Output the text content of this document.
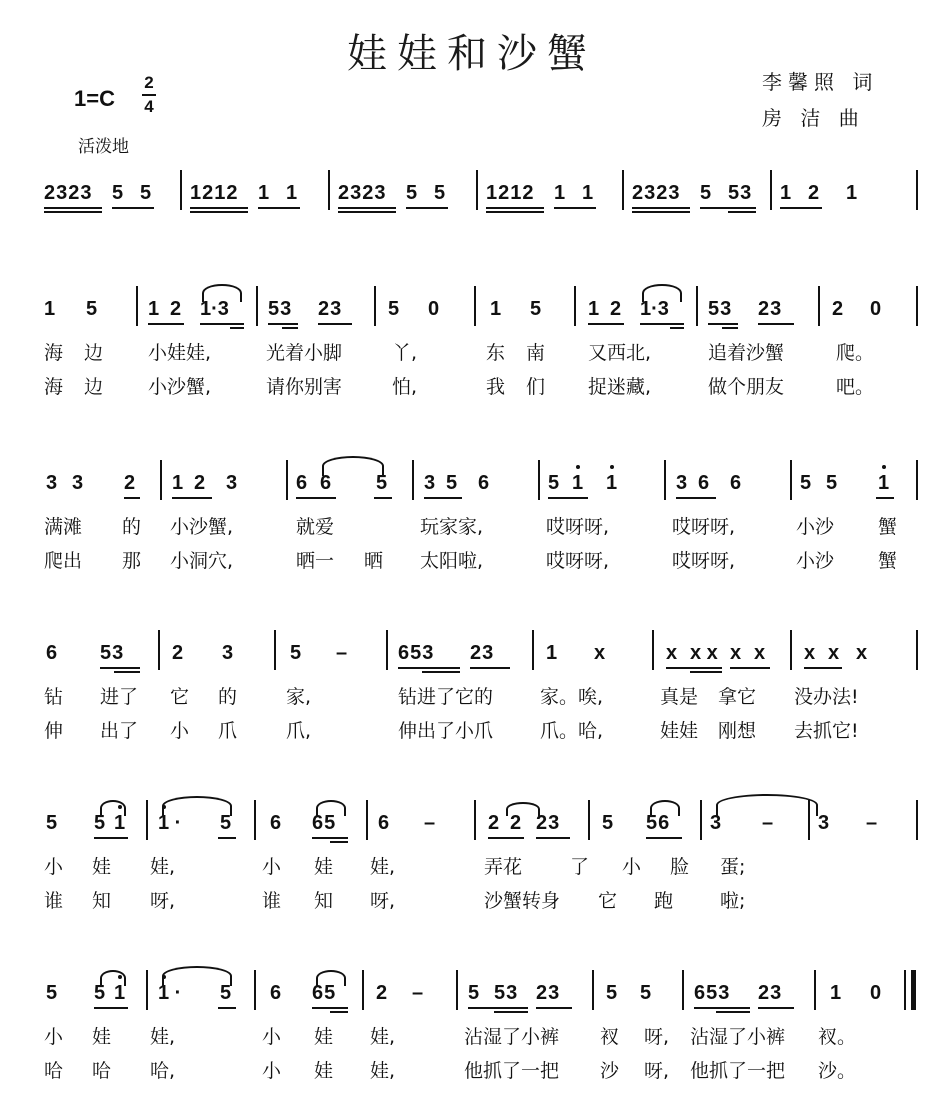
娃娃和沙蟹
1=C
2
4
活泼地
李馨照 词
房 洁 曲
2323 5 5 1212 1 1 2323 5 5 1212 1 1 2323 5 53 1 2 1
1 5	1 2 1·3 53 23 5 0	1 5 1 2 1·3 53 23 2 0
海 边 小娃娃,	光着小脚	丫,	东 南 又西北,	追着沙蟹	爬。
海 边 小沙蟹,	请你别害	怕,	我 们 捉迷藏,	做个朋友	吧。
3 3 2 1 2 3	6 6 5 3 5 6	5 1 1	3 6 6	5 5 1
满滩 的 小沙蟹,	就爱	玩家家,	哎呀呀,	哎呀呀,	小沙 蟹
爬出 那 小洞穴,	晒一 晒 太阳啦,	哎呀呀,	哎呀呀,	小沙 蟹
6 53 2 3	5 –	653 23	1 x	x x x x x x x x
钻 进了 它 的	家,	钻进了它的 家。唉,	真是 拿它 没办法!
伸 出了 小 爪	爪,	伸出了小爪 爪。哈,	娃娃 刚想 去抓它!
5 5 1 1
· 5 6 65 6 –	2 2 23 5 56 3 – 3 –
小 娃 娃,	小 娃 娃,	弄花	了 小 脸 蛋;
谁 知 呀,	谁 知 呀,	沙蟹转身 它 跑 啦;
5 5 1 1
· 5 6 65 2 – 5 53 23 5 5 653 23 1 0
小 娃 娃,	小 娃 娃,	沾湿了小裤 衩 呀, 沾湿了小裤 衩。
哈 哈 哈,	小 娃 娃,	他抓了一把 沙 呀, 他抓了一把 沙。
